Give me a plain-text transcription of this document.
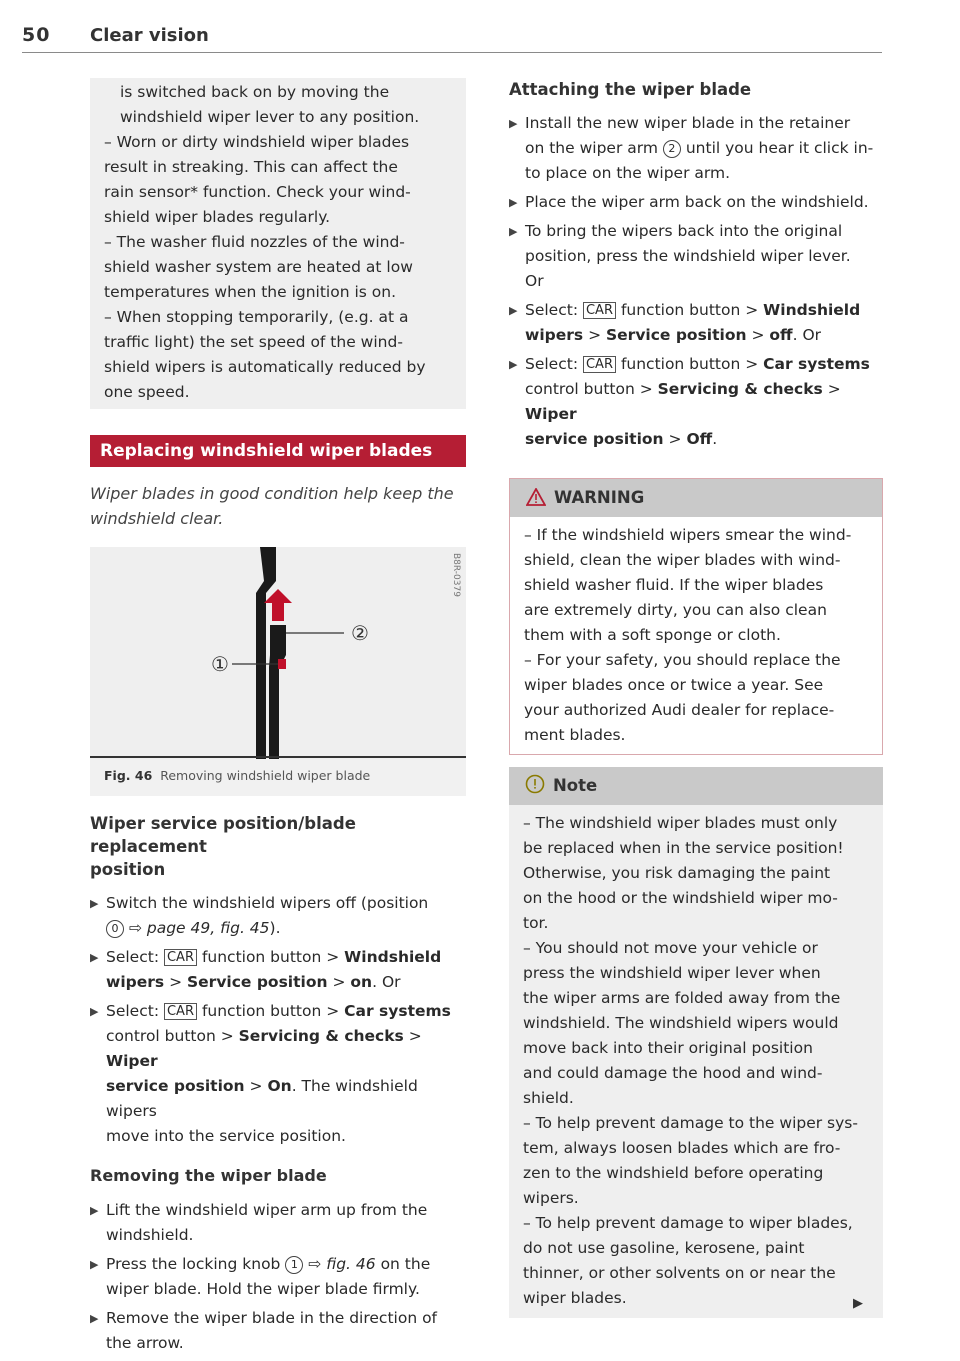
50 Clear vision
is switched back on by moving the
windshield wiper lever to any position.
– Worn or dirty windshield wiper blades
result in streaking. This can affect the
rain sensor* function. Check your wind-
shield wiper blades regularly.
– The washer fluid nozzles of the wind-
shield washer system are heated at low
temperatures when the ignition is on.
– When stopping temporarily, (e.g. at a
traffic light) the set speed of the wind-
shield wipers is automatically reduced by
one speed.
Replacing windshield wiper blades
Wiper blades in good condition help keep the
windshield clear.
①
②
B8R-0379
Fig. 46 Removing windshield wiper blade
Wiper service position/blade replacement
position
▶ Switch the windshield wipers off (position
0 ⇨ page 49, fig. 45).
▶ Select: CAR function button > Windshield
wipers > Service position > on. Or
▶ Select: CAR function button > Car systems
control button > Servicing & checks > Wiper
service position > On. The windshield wipers
move into the service position.
Removing the wiper blade
▶ Lift the windshield wiper arm up from the
windshield.
▶ Press the locking knob 1 ⇨ fig. 46 on the
wiper blade. Hold the wiper blade firmly.
▶ Remove the wiper blade in the direction of
the arrow.
Attaching the wiper blade
▶ Install the new wiper blade in the retainer
on the wiper arm 2 until you hear it click in-
to place on the wiper arm.
▶ Place the wiper arm back on the windshield.
▶ To bring the wipers back into the original
position, press the windshield wiper lever.
Or
▶ Select: CAR function button > Windshield
wipers > Service position > off. Or
▶ Select: CAR function button > Car systems
control button > Servicing & checks > Wiper
service position > Off.
WARNING
– If the windshield wipers smear the wind-
shield, clean the wiper blades with wind-
shield washer fluid. If the wiper blades
are extremely dirty, you can also clean
them with a soft sponge or cloth.
– For your safety, you should replace the
wiper blades once or twice a year. See
your authorized Audi dealer for replace-
ment blades.
Note
– The windshield wiper blades must only
be replaced when in the service position!
Otherwise, you risk damaging the paint
on the hood or the windshield wiper mo-
tor.
– You should not move your vehicle or
press the windshield wiper lever when
the wiper arms are folded away from the
windshield. The windshield wipers would
move back into their original position
and could damage the hood and wind-
shield.
– To help prevent damage to the wiper sys-
tem, always loosen blades which are fro-
zen to the windshield before operating
wipers.
– To help prevent damage to wiper blades,
do not use gasoline, kerosene, paint
thinner, or other solvents on or near the
wiper blades.	▶
